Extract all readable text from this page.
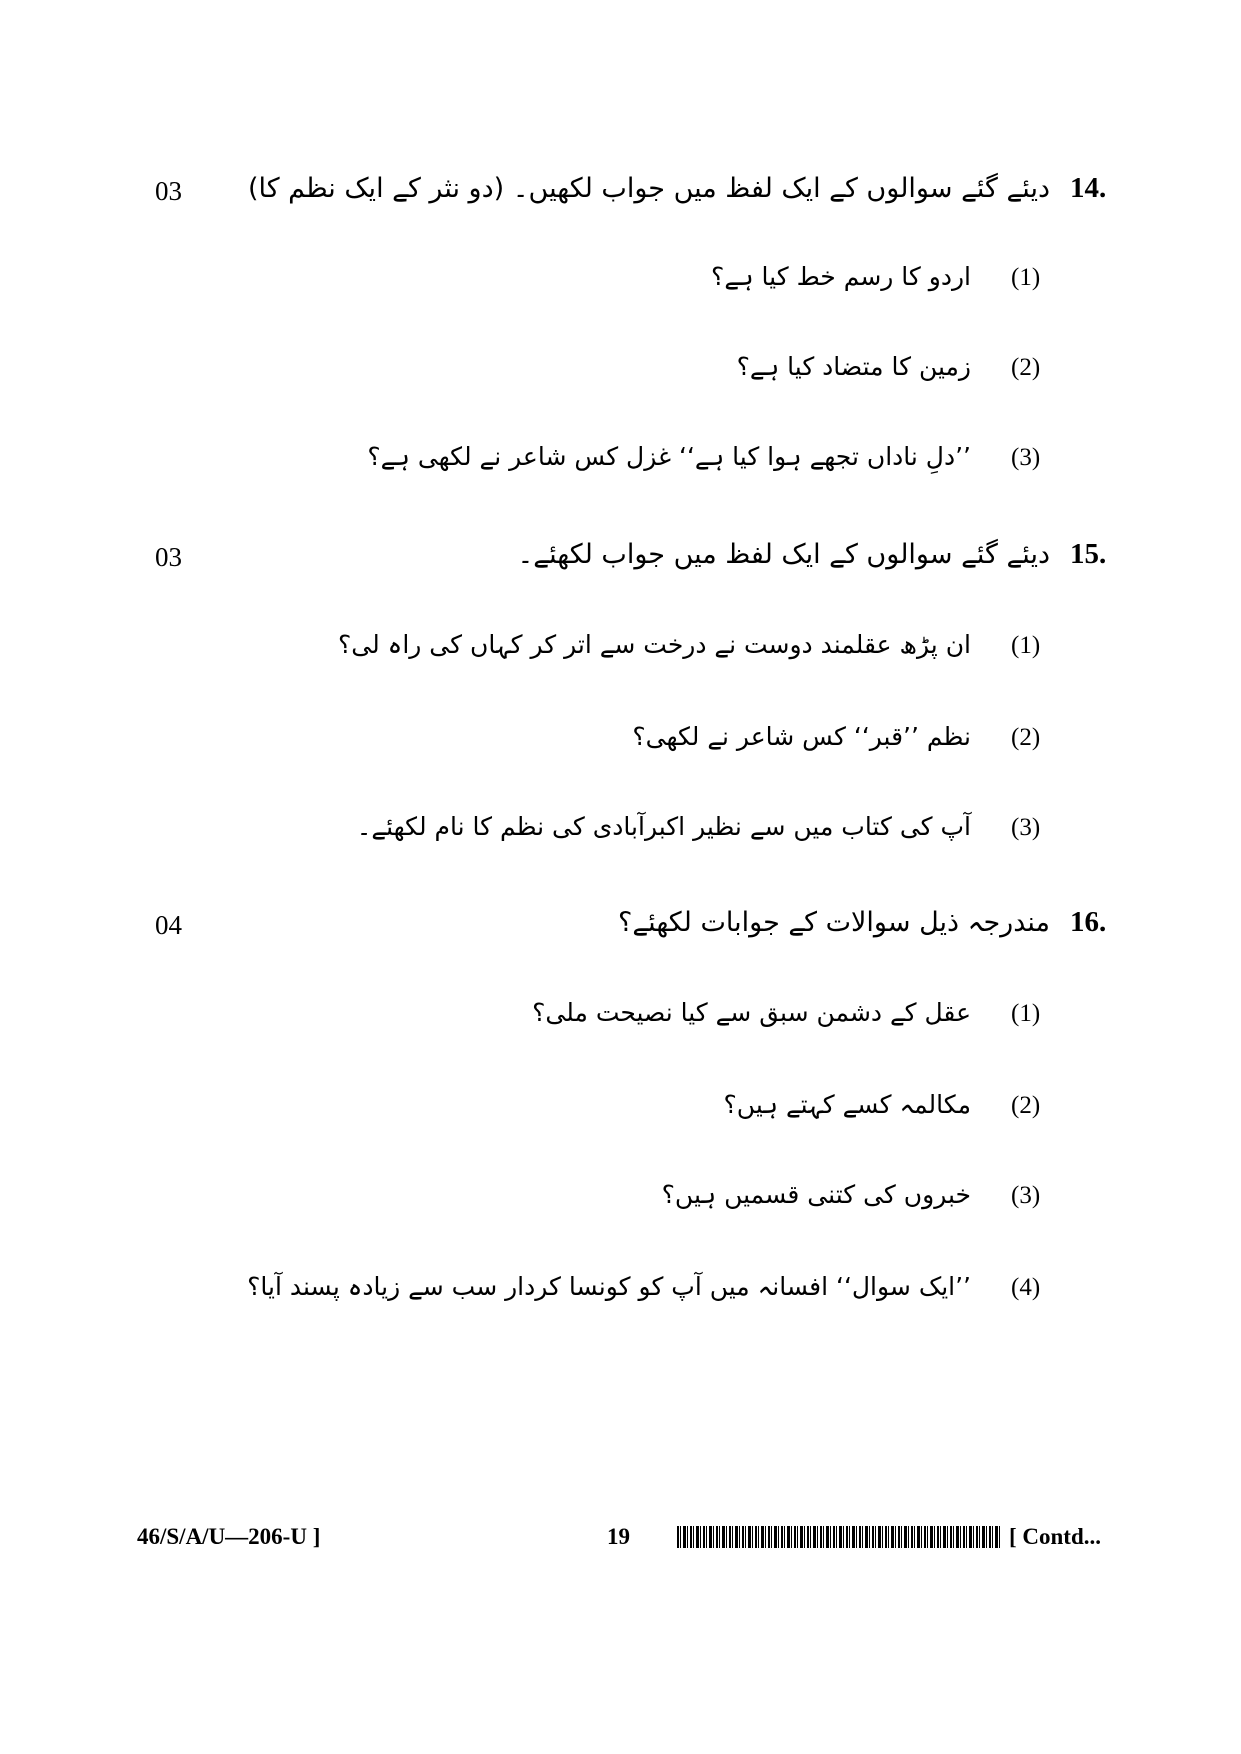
03	دیئے گئے سوالوں کے ایک لفظ میں جواب لکھیں۔ (دو نثر کے ایک نظم کا) 14.
اردو کا رسم خط کیا ہے؟ (1)
زمین کا متضاد کیا ہے؟ (2)
’’دلِ ناداں تجھے ہوا کیا ہے‘‘ غزل کس شاعر نے لکھی ہے؟ (3)
03	دیئے گئے سوالوں کے ایک لفظ میں جواب لکھئے۔ 15.
ان پڑھ عقلمند دوست نے درخت سے اتر کر کہاں کی راہ لی؟ (1)
نظم ’’قبر‘‘ کس شاعر نے لکھی؟ (2)
آپ کی کتاب میں سے نظیر اکبرآبادی کی نظم کا نام لکھئے۔ (3)
04	مندرجہ ذیل سوالات کے جوابات لکھئے؟ 16.
عقل کے دشمن سبق سے کیا نصیحت ملی؟ (1)
مکالمہ کسے کہتے ہیں؟ (2)
خبروں کی کتنی قسمیں ہیں؟ (3)
’’ایک سوال‘‘ افسانہ میں آپ کو کونسا کردار سب سے زیادہ پسند آیا؟ (4)
46/S/A/U—206-U ]	19	[ Contd...
